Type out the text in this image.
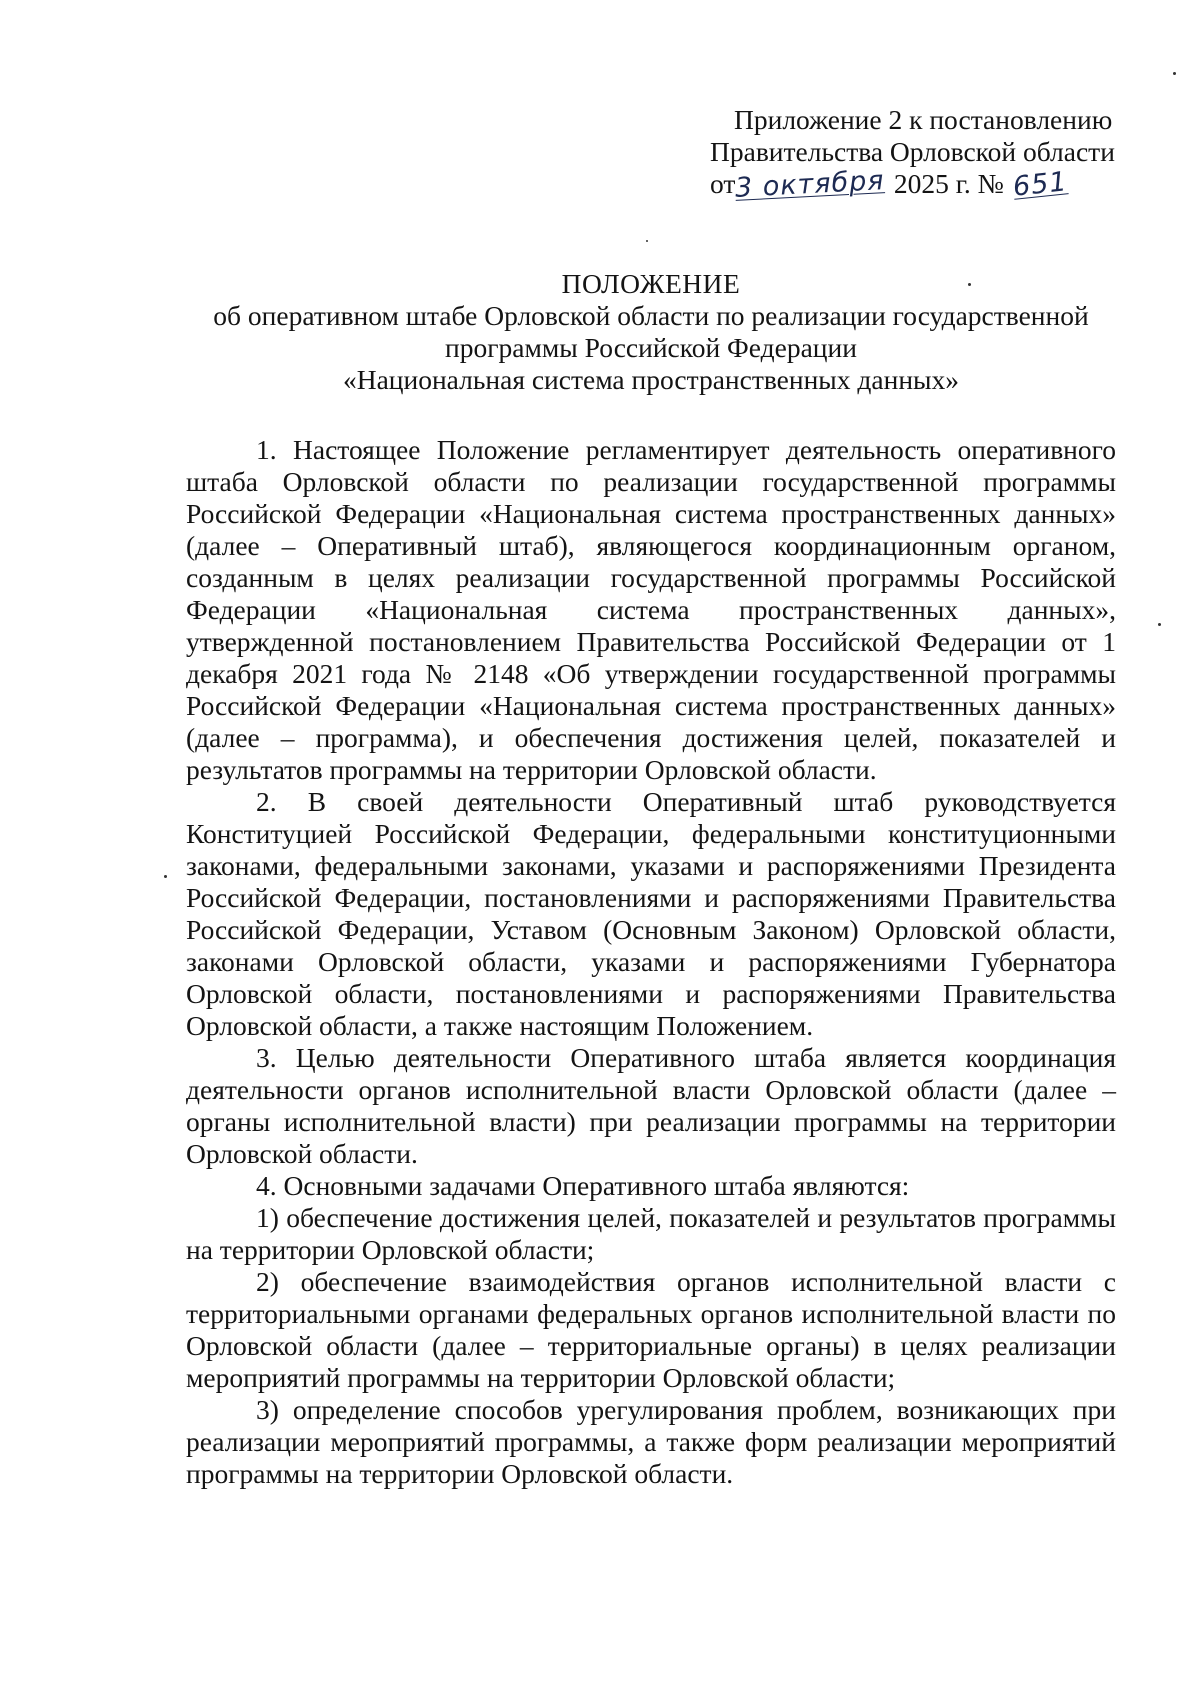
Приложение 2 к постановлению
Правительства Орловской области
от3 октября 2025 г. № 651
ПОЛОЖЕНИЕ
об оперативном штабе Орловской области по реализации государственной
программы Российской Федерации
«Национальная система пространственных данных»

1. Настоящее Положение регламентирует деятельность оперативного штаба Орловской области по реализации государственной программы Российской Федерации «Национальная система пространственных данных» (далее – Оперативный штаб), являющегося координационным органом, созданным в целях реализации государственной программы Российской Федерации «Национальная система пространственных данных», утвержденной постановлением Правительства Российской Федерации от 1 декабря 2021 года № 2148 «Об утверждении государственной программы Российской Федерации «Национальная система пространственных данных» (далее – программа), и обеспечения достижения целей, показателей и результатов программы на территории Орловской области.

2. В своей деятельности Оперативный штаб руководствуется Конституцией Российской Федерации, федеральными конституционными законами, федеральными законами, указами и распоряжениями Президента Российской Федерации, постановлениями и распоряжениями Правительства Российской Федерации, Уставом (Основным Законом) Орловской области, законами Орловской области, указами и распоряжениями Губернатора Орловской области, постановлениями и распоряжениями Правительства Орловской области, а также настоящим Положением.

3. Целью деятельности Оперативного штаба является координация деятельности органов исполнительной власти Орловской области (далее – органы исполнительной власти) при реализации программы на территории Орловской области.

4. Основными задачами Оперативного штаба являются:

1) обеспечение достижения целей, показателей и результатов программы на территории Орловской области;

2) обеспечение взаимодействия органов исполнительной власти с территориальными органами федеральных органов исполнительной власти по Орловской области (далее – территориальные органы) в целях реализации мероприятий программы на территории Орловской области;

3) определение способов урегулирования проблем, возникающих при реализации мероприятий программы, а также форм реализации мероприятий программы на территории Орловской области.
